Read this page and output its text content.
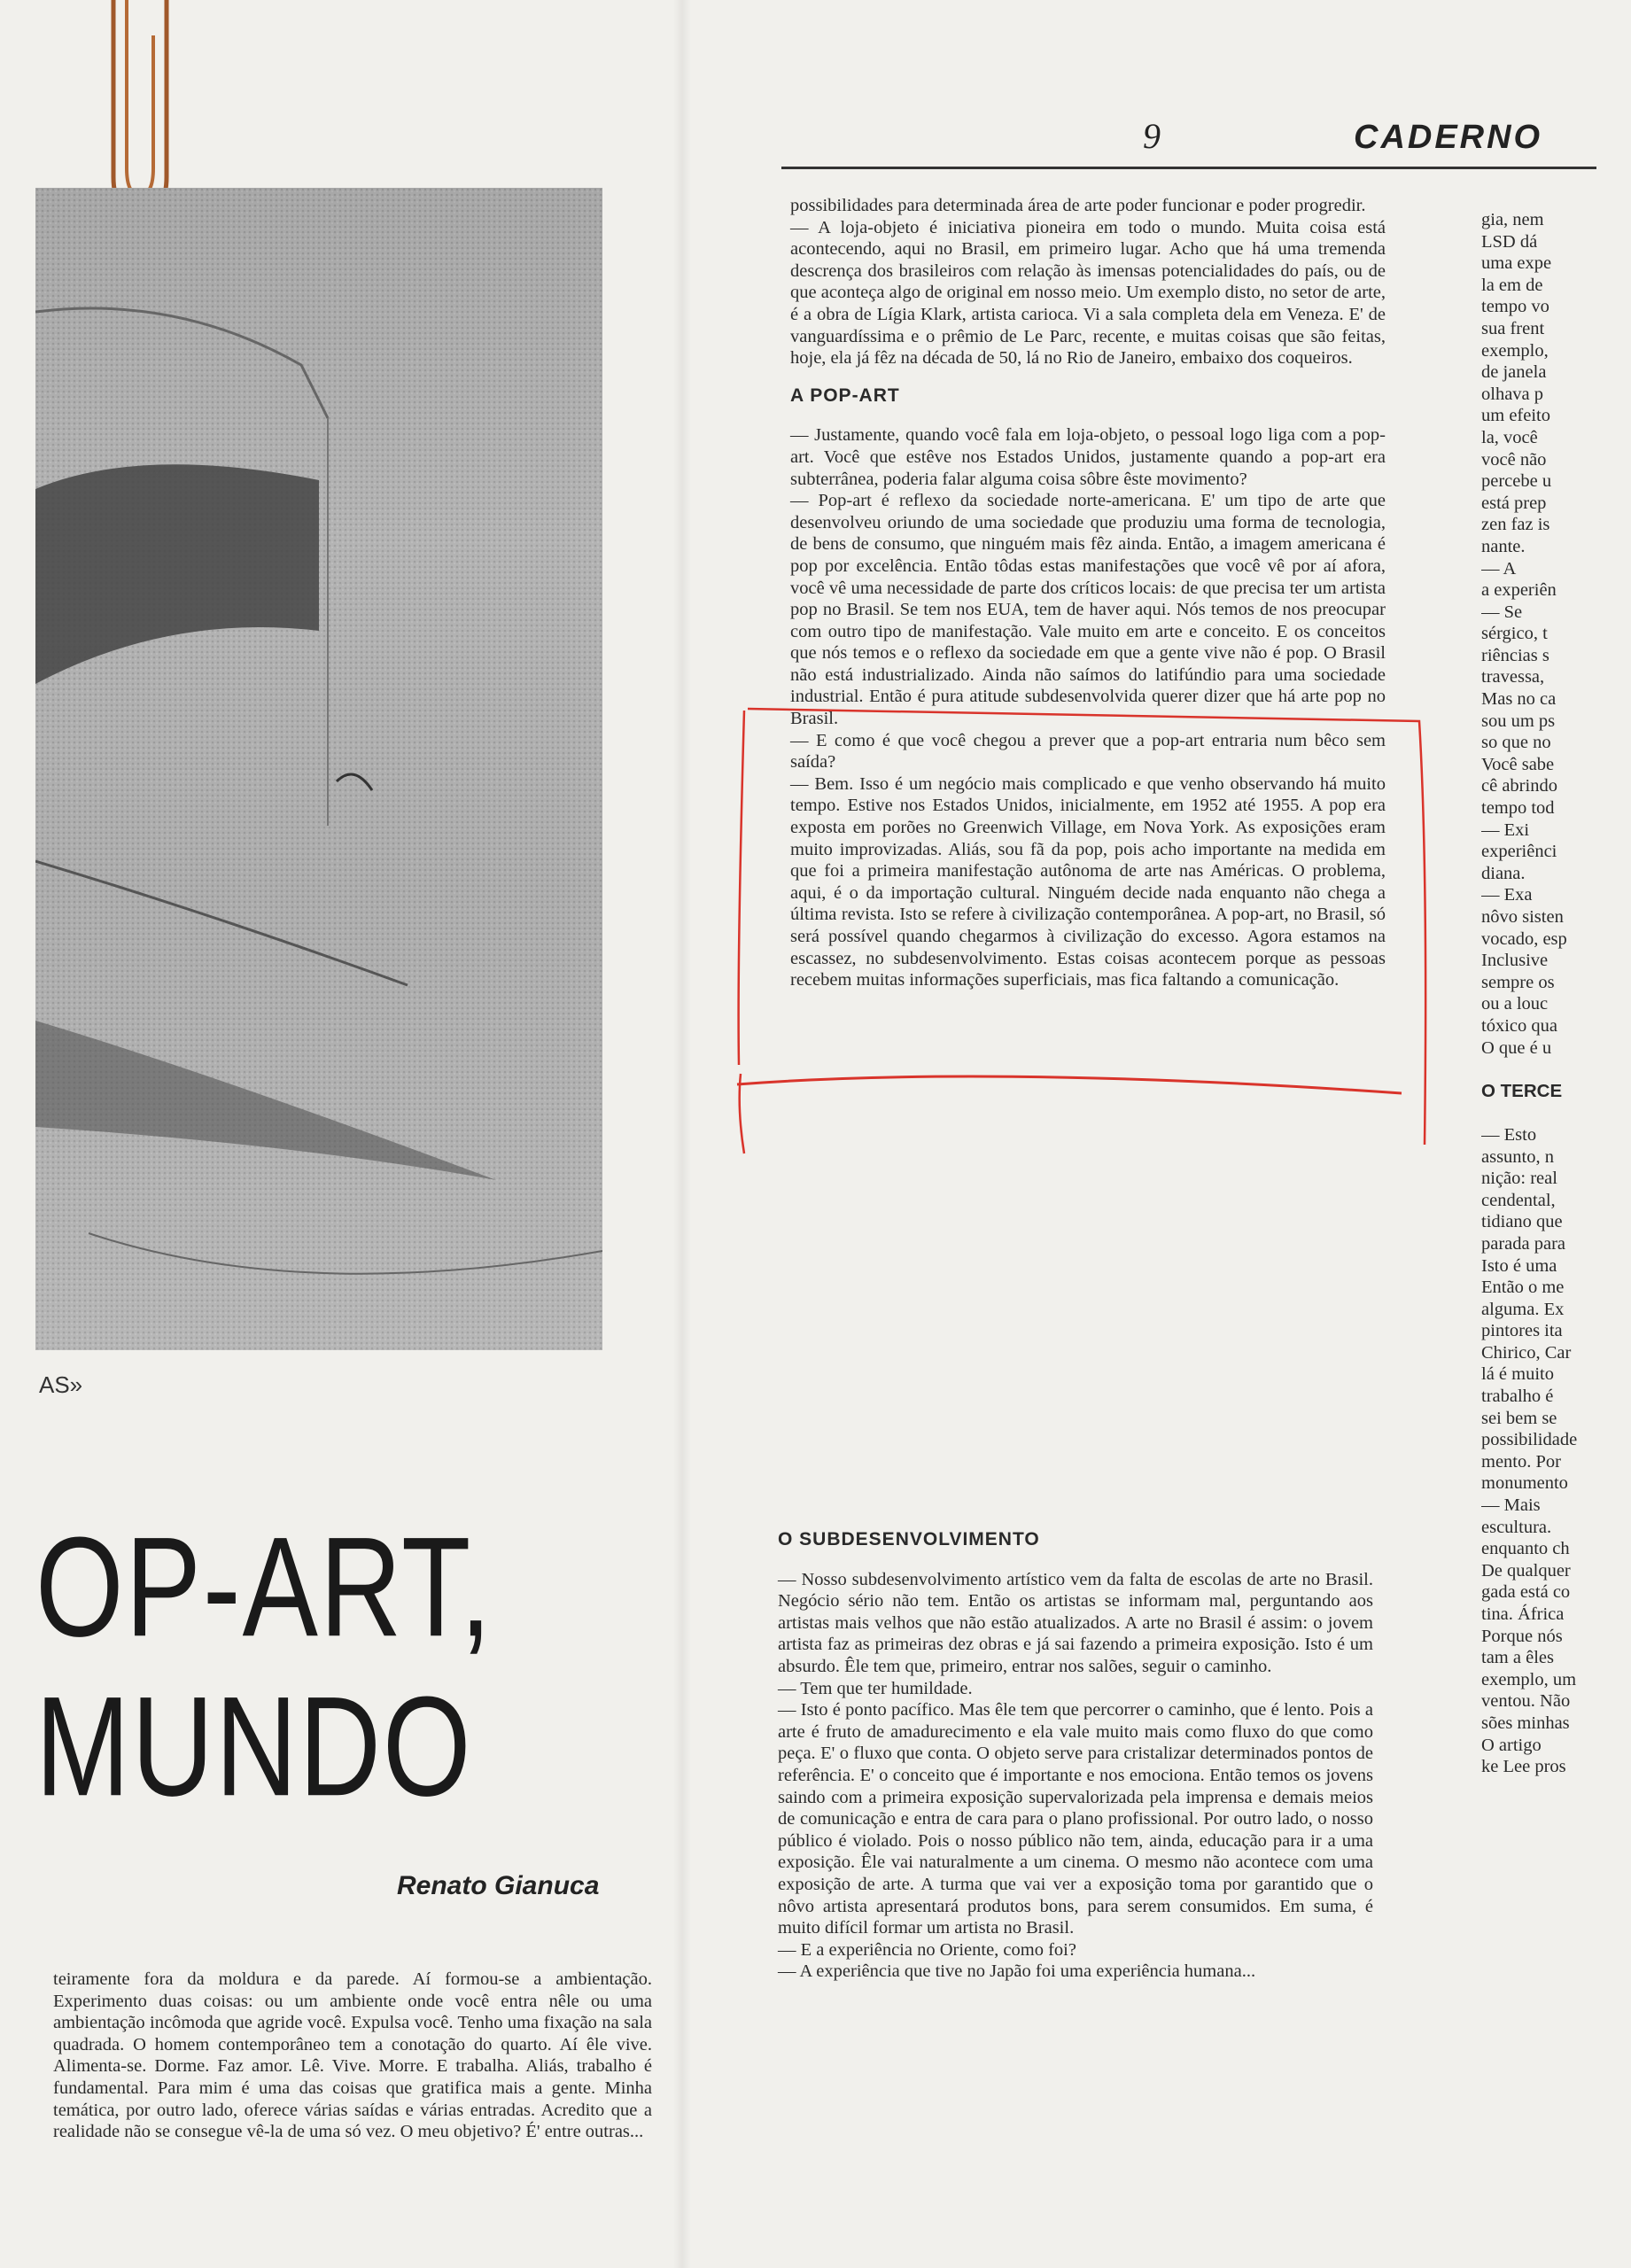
AS»
OP-ART,
MUNDO
Renato Gianuca

teiramente fora da moldura e da parede. Aí formou-se a ambientação. Experimento duas coisas: ou um ambiente onde você entra nêle ou uma ambientação incômoda que agride você. Expulsa você. Tenho uma fixação na sala quadrada. O homem contemporâneo tem a conotação do quarto. Aí êle vive. Alimenta-se. Dorme. Faz amor. Lê. Vive. Morre. E trabalha. Aliás, trabalho é fundamental. Para mim é uma das coisas que gratifica mais a gente. Minha temática, por outro lado, oferece várias saídas e várias entradas. Acredito que a realidade não se consegue vê-la de uma só vez. O meu objetivo? É' entre outras...

9	CADERNO

possibilidades para determinada área de arte poder funcionar e poder progredir.

— A loja-objeto é iniciativa pioneira em todo o mundo. Muita coisa está acontecendo, aqui no Brasil, em primeiro lugar. Acho que há uma tremenda descrença dos brasileiros com relação às imensas potencialidades do país, ou de que aconteça algo de original em nosso meio. Um exemplo disto, no setor de arte, é a obra de Lígia Klark, artista carioca. Vi a sala completa dela em Veneza. E' de vanguardíssima e o prêmio de Le Parc, recente, e muitas coisas que são feitas, hoje, ela já fêz na década de 50, lá no Rio de Janeiro, embaixo dos coqueiros.

A POP-ART

— Justamente, quando você fala em loja-objeto, o pessoal logo liga com a pop-art. Você que estêve nos Estados Unidos, justamente quando a pop-art era subterrânea, poderia falar alguma coisa sôbre êste movimento?

— Pop-art é reflexo da sociedade norte-americana. E' um tipo de arte que desenvolveu oriundo de uma sociedade que produziu uma forma de tecnologia, de bens de consumo, que ninguém mais fêz ainda. Então, a imagem americana é pop por excelência. Então tôdas estas manifestações que você vê por aí afora, você vê uma necessidade de parte dos críticos locais: de que precisa ter um artista pop no Brasil. Se tem nos EUA, tem de haver aqui. Nós temos de nos preocupar com outro tipo de manifestação. Vale muito em arte e conceito. E os conceitos que nós temos e o reflexo da sociedade em que a gente vive não é pop. O Brasil não está industrializado. Ainda não saímos do latifúndio para uma sociedade industrial. Então é pura atitude subdesenvolvida querer dizer que há arte pop no Brasil.

— E como é que você chegou a prever que a pop-art entraria num bêco sem saída?

— Bem. Isso é um negócio mais complicado e que venho observando há muito tempo. Estive nos Estados Unidos, inicialmente, em 1952 até 1955. A pop era exposta em porões no Greenwich Village, em Nova York. As exposições eram muito improvizadas. Aliás, sou fã da pop, pois acho importante na medida em que foi a primeira manifestação autônoma de arte nas Américas. O problema, aqui, é o da importação cultural. Ninguém decide nada enquanto não chega a última revista. Isto se refere à civilização contemporânea. A pop-art, no Brasil, só será possível quando chegarmos à civilização do excesso. Agora estamos na escassez, no subdesenvolvimento. Estas coisas acontecem porque as pessoas recebem muitas informações superficiais, mas fica faltando a comunicação.

O SUBDESENVOLVIMENTO

— Nosso subdesenvolvimento artístico vem da falta de escolas de arte no Brasil. Negócio sério não tem. Então os artistas se informam mal, perguntando aos artistas mais velhos que não estão atualizados. A arte no Brasil é assim: o jovem artista faz as primeiras dez obras e já sai fazendo a primeira exposição. Isto é um absurdo. Êle tem que, primeiro, entrar nos salões, seguir o caminho.

— Tem que ter humildade.

— Isto é ponto pacífico. Mas êle tem que percorrer o caminho, que é lento. Pois a arte é fruto de amadurecimento e ela vale muito mais como fluxo do que como peça. E' o fluxo que conta. O objeto serve para cristalizar determinados pontos de referência. E' o conceito que é importante e nos emociona. Então temos os jovens saindo com a primeira exposição supervalorizada pela imprensa e demais meios de comunicação e entra de cara para o plano profissional. Por outro lado, o nosso público é violado. Pois o nosso público não tem, ainda, educação para ir a uma exposição. Êle vai naturalmente a um cinema. O mesmo não acontece com uma exposição de arte. A turma que vai ver a exposição toma por garantido que o nôvo artista apresentará produtos bons, para serem consumidos. Em suma, é muito difícil formar um artista no Brasil.

— E a experiência no Oriente, como foi?

— A experiência que tive no Japão foi uma experiência humana...

gia, nem
LSD dá
uma expe
la em de
tempo vo
sua frent
exemplo,
de janela
olhava p
um efeito
la, você
você não
percebe u
está prep
zen faz is
nante.
— A
a experiên
— Se
sérgico, t
riências s
travessa,
Mas no ca
sou um ps
so que no
Você sabe
cê abrindo
tempo tod
— Exi
experiênci
diana.
— Exa
nôvo sisten
vocado, esp
Inclusive
sempre os
ou a louc
tóxico qua
O que é u

O TERCE

— Esto
assunto, n
nição: real
cendental,
tidiano que
parada para
Isto é uma
Então o me
alguma. Ex
pintores ita
Chirico, Car
lá é muito
trabalho é
sei bem se
possibilidade
mento. Por
monumento
— Mais
escultura.
enquanto ch
De qualquer
gada está co
tina. África
Porque nós
tam a êles
exemplo, um
ventou. Não
sões minhas
O artigo
ke Lee pros
